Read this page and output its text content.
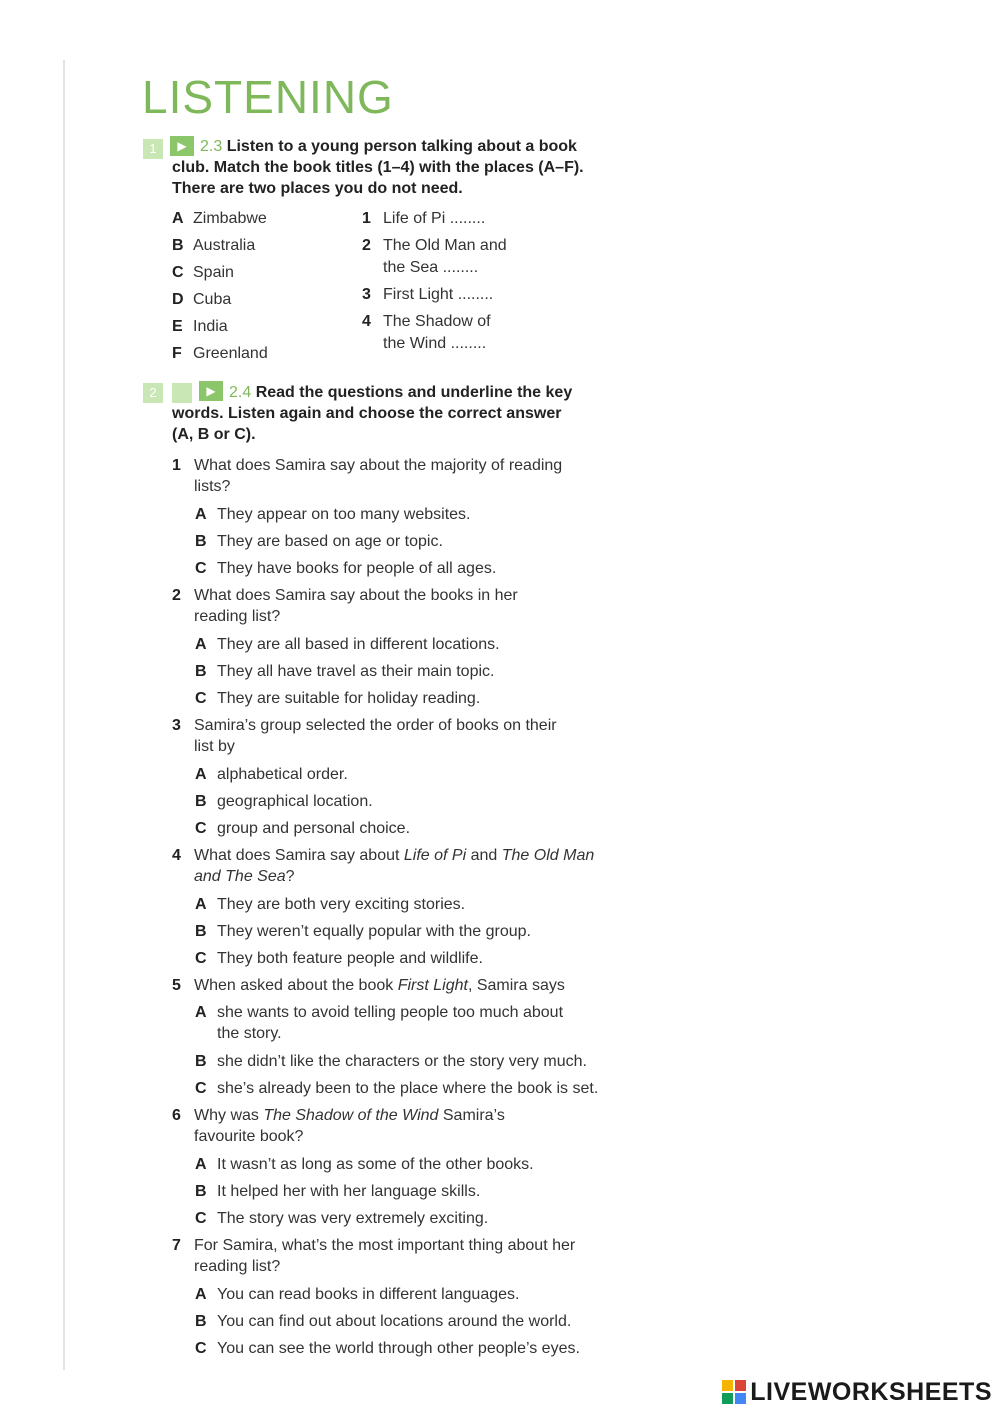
LISTENING
1	▶ 2.3 Listen to a young person talking about a book
club. Match the book titles (1–4) with the places (A–F).
There are two places you do not need.
A Zimbabwe
B Australia
C Spain
D Cuba
E India
F Greenland
1 Life of Pi ........
2 The Old Man and
the Sea ........
3 First Light ........
4 The Shadow of
the Wind ........
2	▶ 2.4 Read the questions and underline the key
words. Listen again and choose the correct answer
(A, B or C).
1 What does Samira say about the majority of reading
lists?
A They appear on too many websites.
B They are based on age or topic.
C They have books for people of all ages.
2 What does Samira say about the books in her
reading list?
A They are all based in different locations.
B They all have travel as their main topic.
C They are suitable for holiday reading.
3 Samira’s group selected the order of books on their
list by
A alphabetical order.
B geographical location.
C group and personal choice.
4 What does Samira say about Life of Pi and The Old Man
and The Sea?
A They are both very exciting stories.
B They weren’t equally popular with the group.
C They both feature people and wildlife.
5 When asked about the book First Light, Samira says
A she wants to avoid telling people too much about
the story.
B she didn’t like the characters or the story very much.
C she’s already been to the place where the book is set.
6 Why was The Shadow of the Wind Samira’s
favourite book?
A It wasn’t as long as some of the other books.
B It helped her with her language skills.
C The story was very extremely exciting.
7 For Samira, what’s the most important thing about her
reading list?
A You can read books in different languages.
B You can find out about locations around the world.
C You can see the world through other people’s eyes.
LIVEWORKSHEETS
